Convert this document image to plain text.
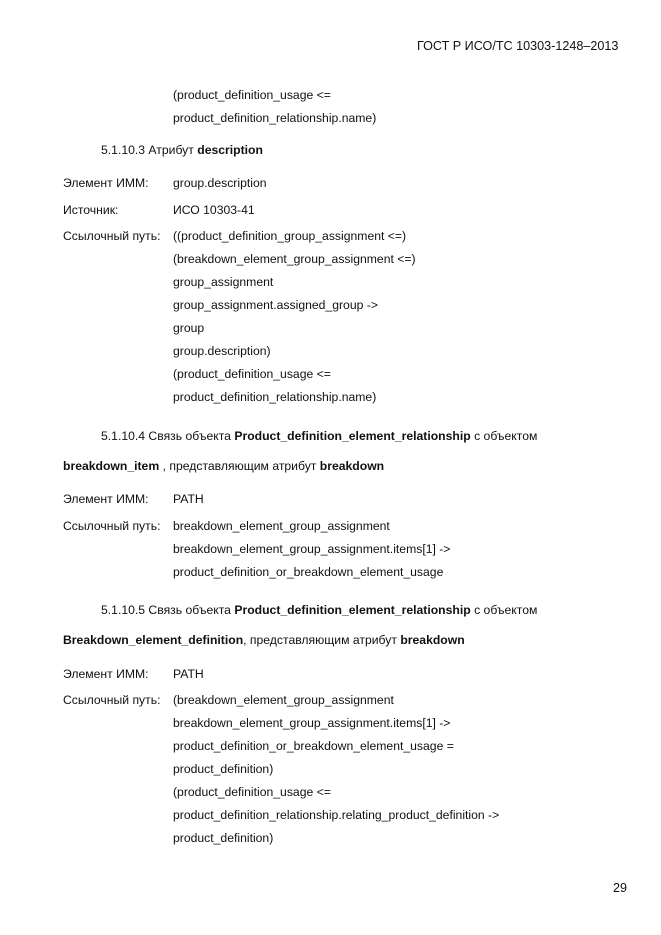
ГОСТ Р ИСО/ТС 10303-1248–2013
(product_definition_usage <=
product_definition_relationship.name)
5.1.10.3 Атрибут description
Элемент ИММ: group.description
Источник:	ИСО 10303-41
Ссылочный путь: ((product_definition_group_assignment <=)
(breakdown_element_group_assignment <=)
group_assignment
group_assignment.assigned_group ->
group
group.description)
(product_definition_usage <=
product_definition_relationship.name)
5.1.10.4 Связь объекта Product_definition_element_relationship с объектом
breakdown_item , представляющим атрибут breakdown
Элемент ИММ: PATH
Ссылочный путь: breakdown_element_group_assignment
breakdown_element_group_assignment.items[1] ->
product_definition_or_breakdown_element_usage
5.1.10.5 Связь объекта Product_definition_element_relationship с объектом
Breakdown_element_definition, представляющим атрибут breakdown
Элемент ИММ: PATH
Ссылочный путь: (breakdown_element_group_assignment
breakdown_element_group_assignment.items[1] ->
product_definition_or_breakdown_element_usage =
product_definition)
(product_definition_usage <=
product_definition_relationship.relating_product_definition ->
product_definition)
29
